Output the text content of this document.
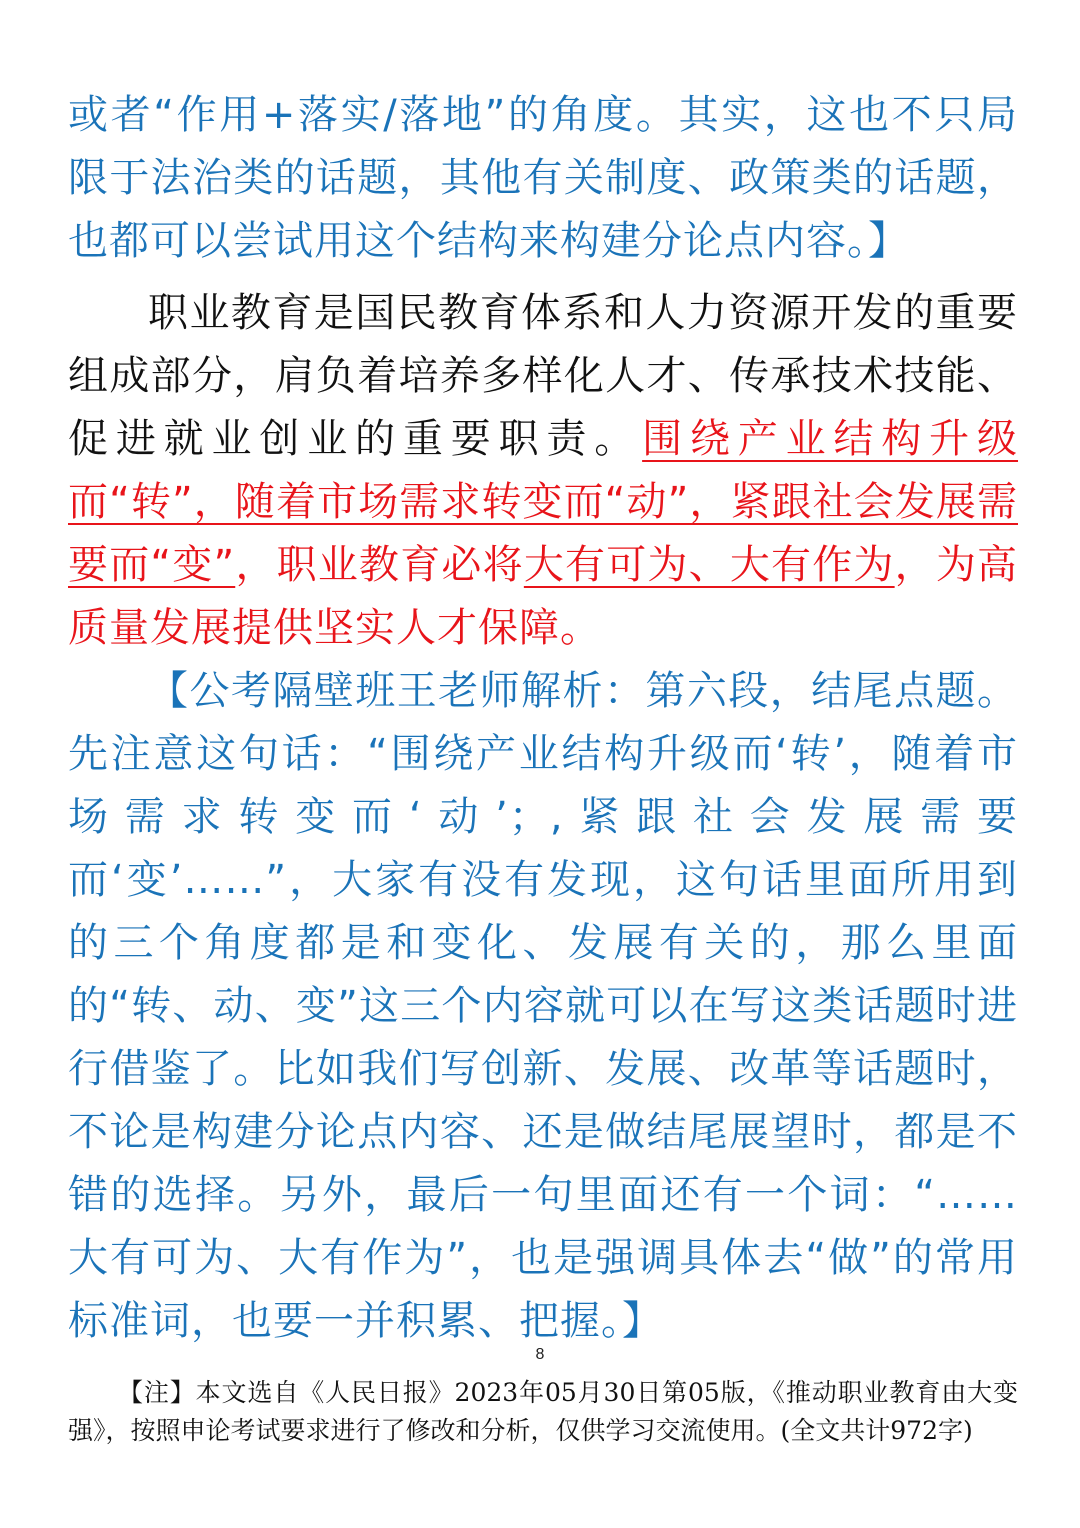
或者“作用+落实/落地”的角度。其实，这也不只局限于法治类的话题，其他有关制度、政策类的话题，也都可以尝试用这个结构来构建分论点内容。】

职业教育是国民教育体系和人力资源开发的重要组成部分，肩负着培养多样化人才、传承技术技能、促进就业创业的重要职责。围绕产业结构升级而“转”，随着市场需求转变而“动”，紧跟社会发展需要而“变”，职业教育必将大有可为、大有作为，为高质量发展提供坚实人才保障。

【公考隔壁班王老师解析：第六段，结尾点题。先注意这句话：“围绕产业结构升级而‘转’，随着市场需求转变而‘动’；,紧跟社会发展需要而‘变’……”，大家有没有发现，这句话里面所用到的三个角度都是和变化、发展有关的，那么里面的“转、动、变”这三个内容就可以在写这类话题时进行借鉴了。比如我们写创新、发展、改革等话题时，不论是构建分论点内容、还是做结尾展望时，都是不错的选择。另外，最后一句里面还有一个词：“……大有可为、大有作为”，也是强调具体去“做”的常用标准词，也要一并积累、把握。】

8

【注】本文选自《人民日报》2023年05月30日第05版，《推动职业教育由大变强》，按照申论考试要求进行了修改和分析，仅供学习交流使用。(全文共计972字)
